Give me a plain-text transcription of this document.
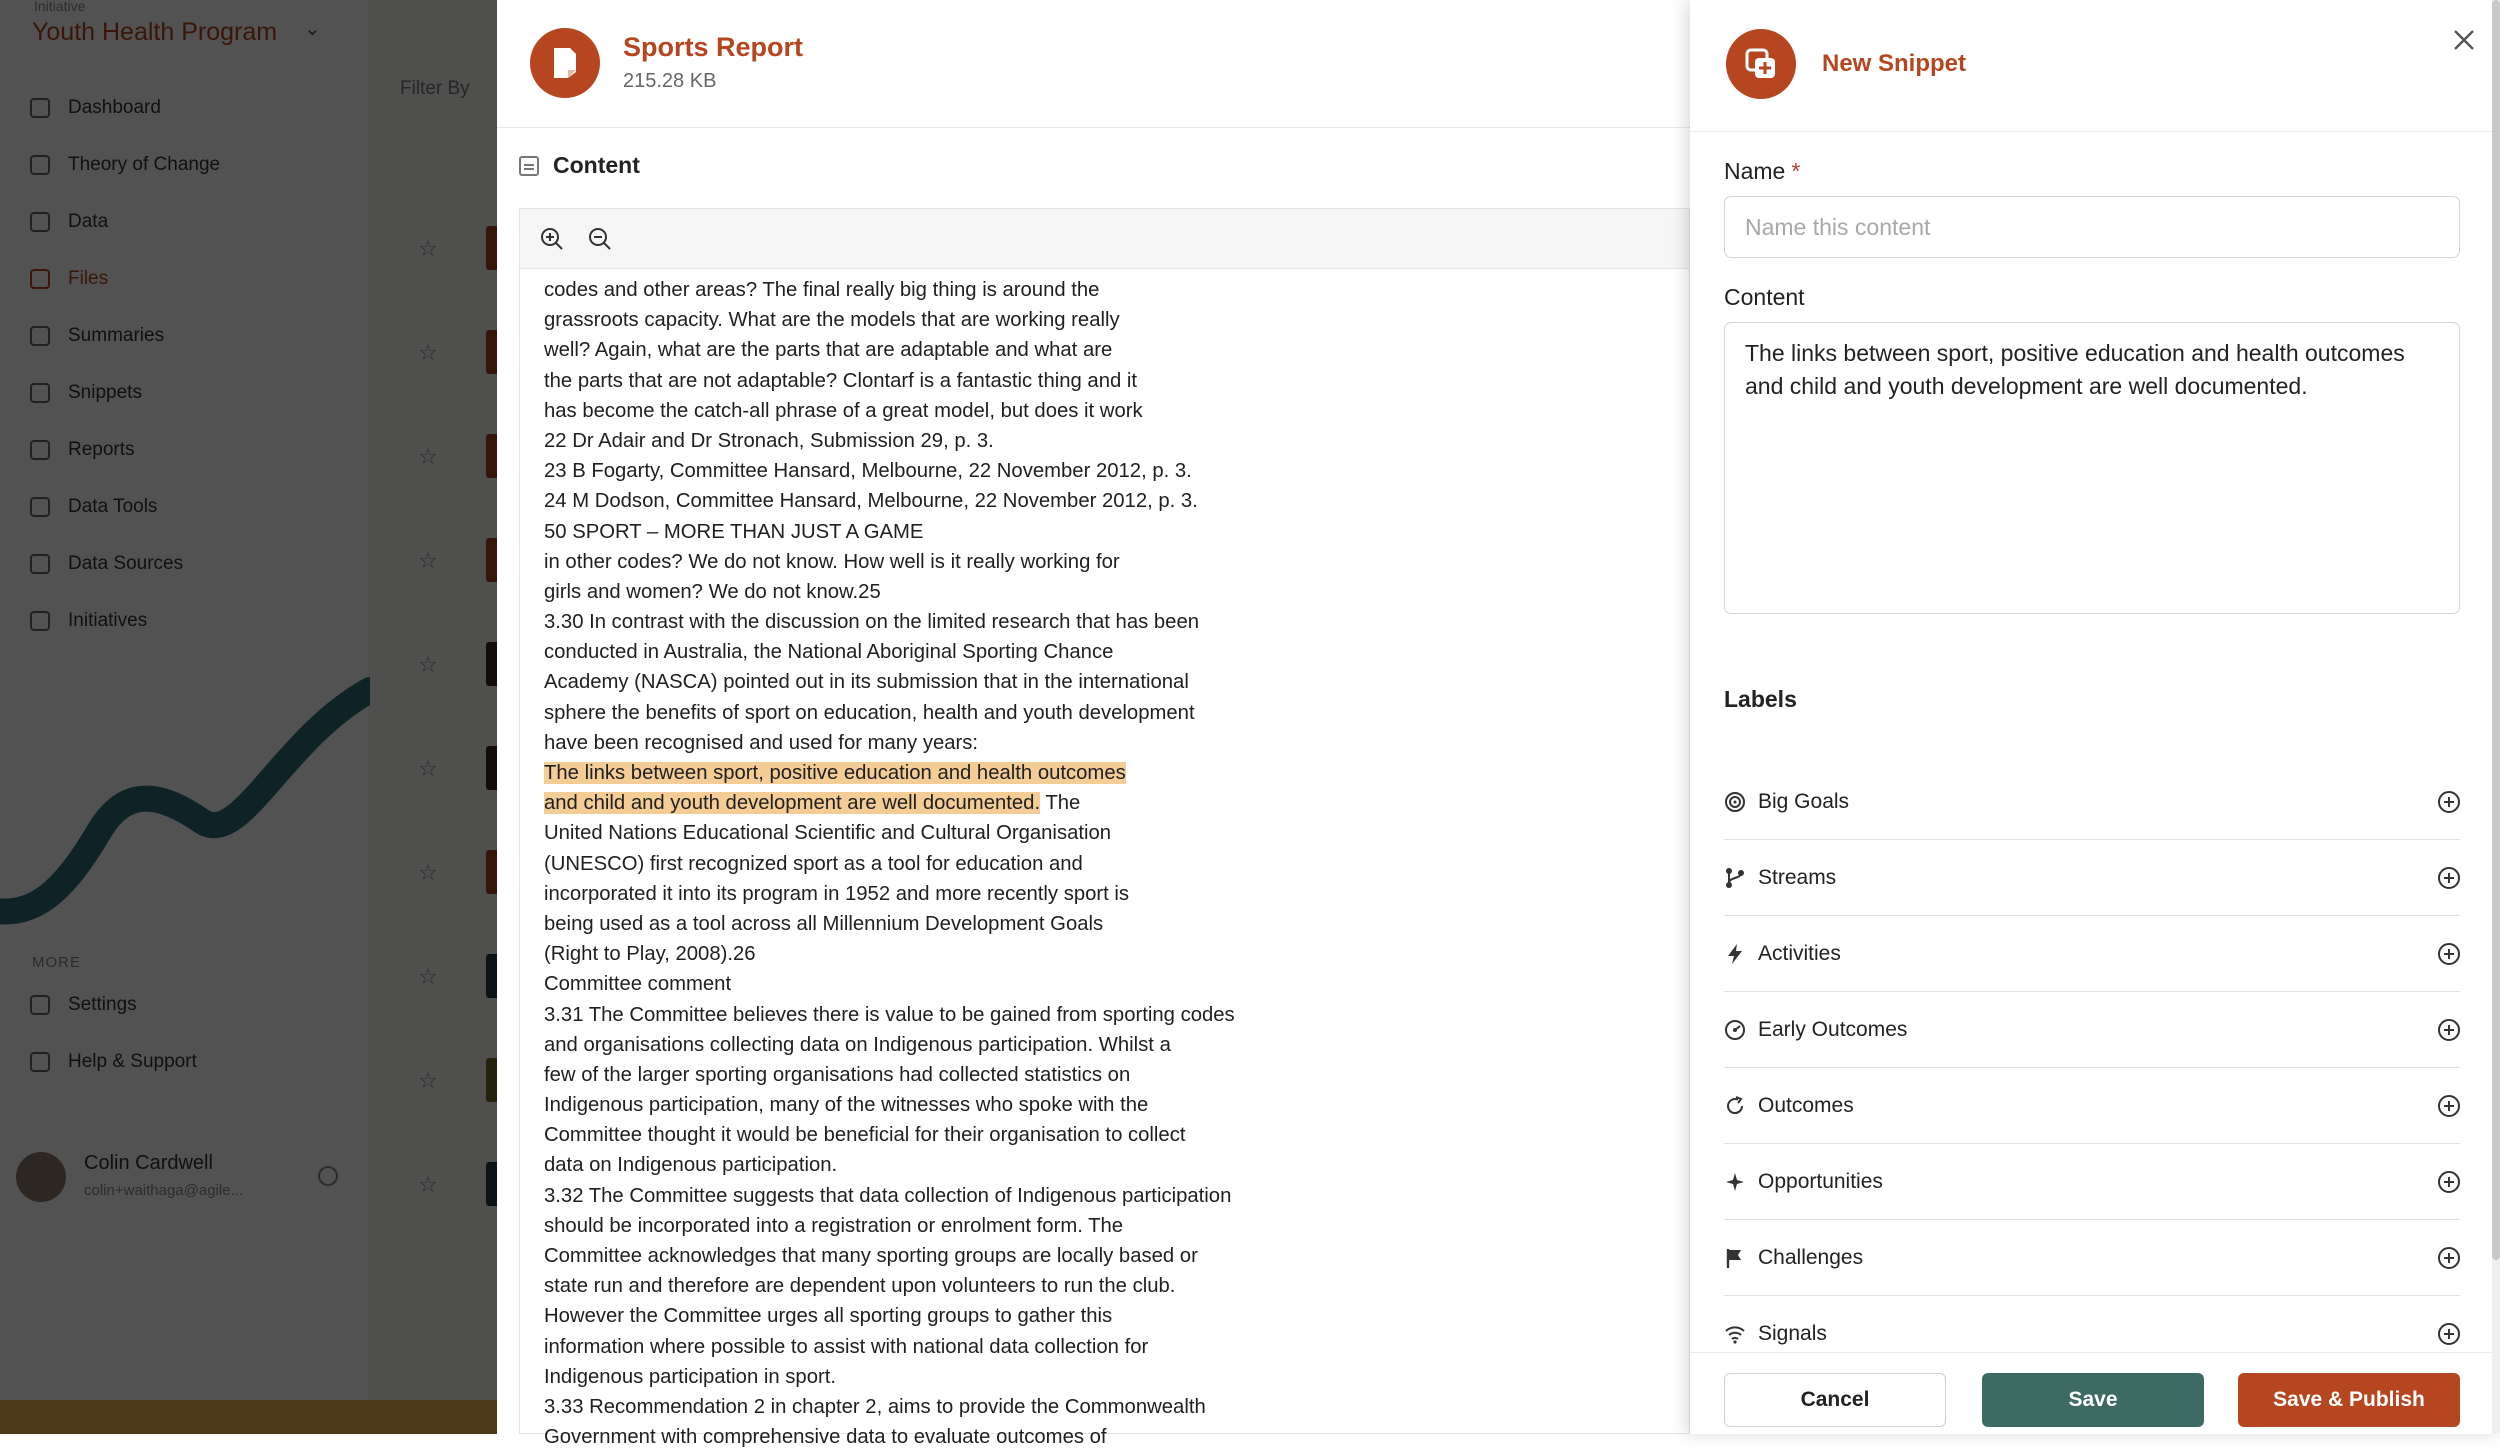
Sports Report
215.28 KB
Content
codes and other areas? The final really big thing is around the
grassroots capacity. What are the models that are working really
well? Again, what are the parts that are adaptable and what are
the parts that are not adaptable? Clontarf is a fantastic thing and it
has become the catch-all phrase of a great model, but does it work
22 Dr Adair and Dr Stronach, Submission 29, p. 3.
23 B Fogarty, Committee Hansard, Melbourne, 22 November 2012, p. 3.
24 M Dodson, Committee Hansard, Melbourne, 22 November 2012, p. 3.
50 SPORT – MORE THAN JUST A GAME
in other codes? We do not know. How well is it really working for
girls and women? We do not know.25
3.30 In contrast with the discussion on the limited research that has been
conducted in Australia, the National Aboriginal Sporting Chance
Academy (NASCA) pointed out in its submission that in the international
sphere the benefits of sport on education, health and youth development
have been recognised and used for many years:
The links between sport, positive education and health outcomes
and child and youth development are well documented. The
United Nations Educational Scientific and Cultural Organisation
(UNESCO) first recognized sport as a tool for education and
incorporated it into its program in 1952 and more recently sport is
being used as a tool across all Millennium Development Goals
(Right to Play, 2008).26
Committee comment
3.31 The Committee believes there is value to be gained from sporting codes
and organisations collecting data on Indigenous participation. Whilst a
few of the larger sporting organisations had collected statistics on
Indigenous participation, many of the witnesses who spoke with the
Committee thought it would be beneficial for their organisation to collect
data on Indigenous participation.
3.32 The Committee suggests that data collection of Indigenous participation
should be incorporated into a registration or enrolment form. The
Committee acknowledges that many sporting groups are locally based or
state run and therefore are dependent upon volunteers to run the club.
However the Committee urges all sporting groups to gather this
information where possible to assist with national data collection for
Indigenous participation in sport.
3.33 Recommendation 2 in chapter 2, aims to provide the Commonwealth
Government with comprehensive data to evaluate outcomes of
New Snippet
Name *
Name this content
Content
The links between sport, positive education and health outcomes and child and youth development are well documented.
Labels
Big Goals
Streams
Activities
Early Outcomes
Outcomes
Opportunities
Challenges
Signals
Cancel	Save	Save & Publish
